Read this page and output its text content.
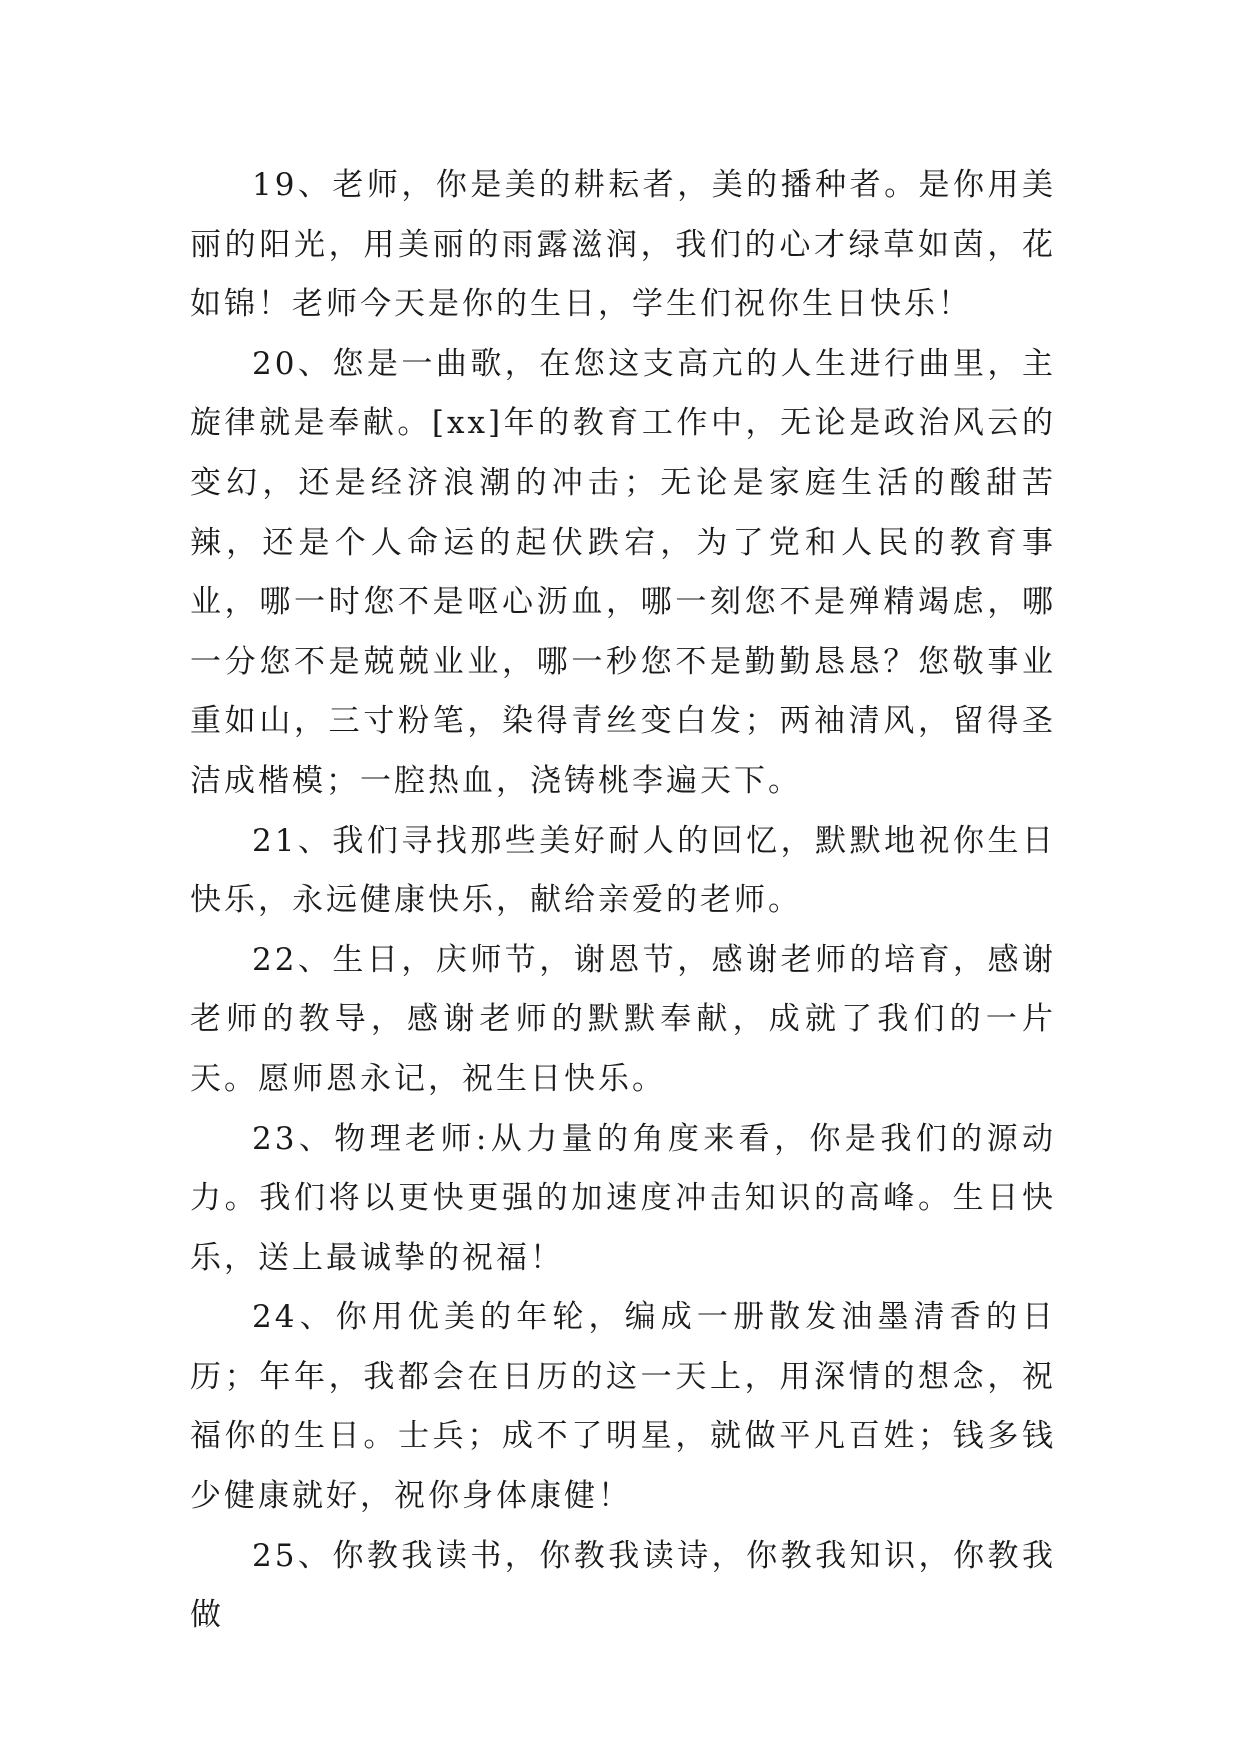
19、老师，你是美的耕耘者，美的播种者。是你用美丽的阳光，用美丽的雨露滋润，我们的心才绿草如茵，花如锦！老师今天是你的生日，学生们祝你生日快乐！

20、您是一曲歌，在您这支高亢的人生进行曲里，主旋律就是奉献。[xx]年的教育工作中，无论是政治风云的变幻，还是经济浪潮的冲击；无论是家庭生活的酸甜苦辣，还是个人命运的起伏跌宕，为了党和人民的教育事业，哪一时您不是呕心沥血，哪一刻您不是殚精竭虑，哪一分您不是兢兢业业，哪一秒您不是勤勤恳恳？您敬事业重如山，三寸粉笔，染得青丝变白发；两袖清风，留得圣洁成楷模；一腔热血，浇铸桃李遍天下。

21、我们寻找那些美好耐人的回忆，默默地祝你生日快乐，永远健康快乐，献给亲爱的老师。

22、生日，庆师节，谢恩节，感谢老师的培育，感谢老师的教导，感谢老师的默默奉献，成就了我们的一片天。愿师恩永记，祝生日快乐。

23、物理老师:从力量的角度来看，你是我们的源动力。我们将以更快更强的加速度冲击知识的高峰。生日快乐，送上最诚挚的祝福！

24、你用优美的年轮，编成一册散发油墨清香的日历；年年，我都会在日历的这一天上，用深情的想念，祝福你的生日。士兵；成不了明星，就做平凡百姓；钱多钱少健康就好，祝你身体康健！

25、你教我读书，你教我读诗，你教我知识，你教我做
